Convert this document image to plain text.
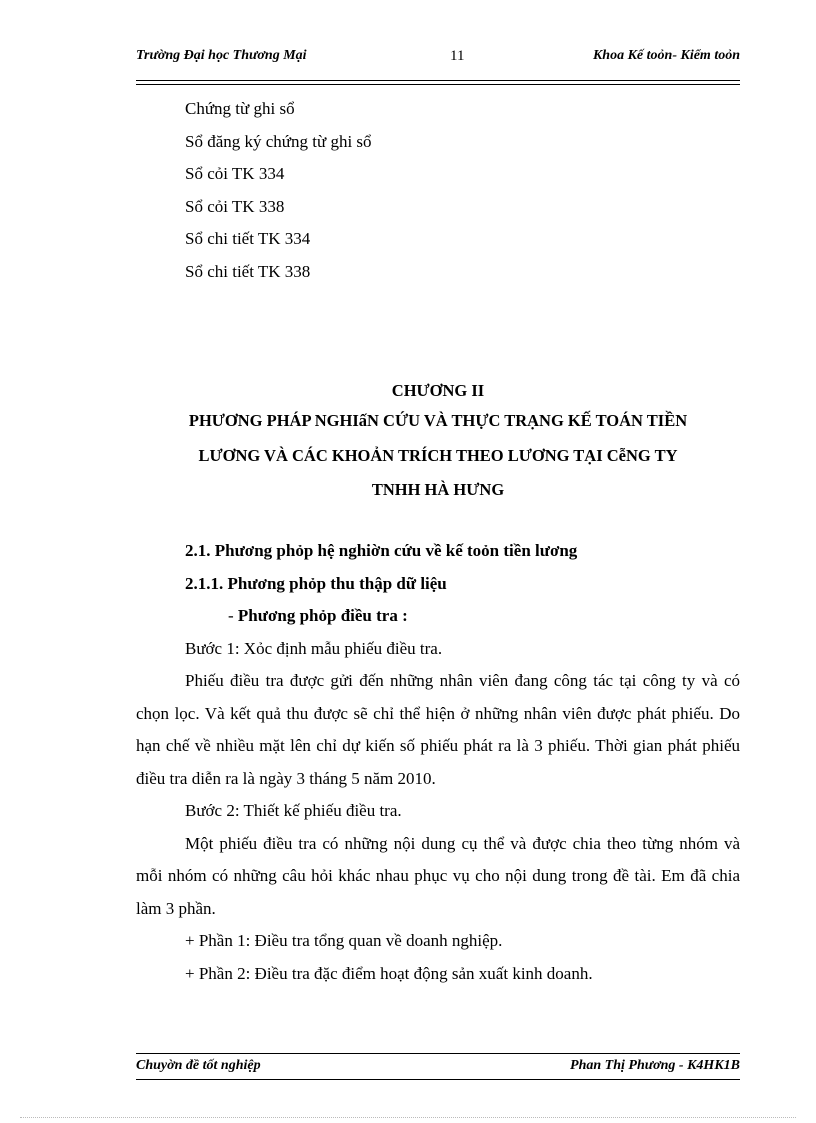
Trường Đại học Thương Mại	11	Khoa Kế toỏn- Kiểm toỏn
Chứng từ ghi sổ
Sổ đăng ký chứng từ ghi sổ
Sổ cỏi TK 334
Sổ cỏi TK 338
Sổ chi tiết TK 334
Sổ chi tiết TK 338

CHƯƠNG II

PHƯƠNG PHÁP NGHIấN CỨU VÀ THỰC TRẠNG KẾ TOÁN TIỀN

LƯƠNG VÀ CÁC KHOẢN TRÍCH THEO LƯƠNG TẠI CễNG TY

TNHH HÀ HƯNG

2.1. Phương phỏp hệ nghiờn cứu về kế toỏn tiền lương
2.1.1. Phương phỏp thu thập dữ liệu
- Phương phỏp điều tra :
Bước 1: Xỏc định mẫu phiếu điều tra.

Phiếu điều tra được gửi đến những nhân viên đang công tác tại công ty và có chọn lọc. Và kết quả thu được sẽ chỉ thể hiện ở những nhân viên được phát phiếu. Do hạn chế về nhiều mặt lên chỉ dự kiến số phiếu phát ra là 3 phiếu. Thời gian phát phiếu điều tra diễn ra là ngày 3 tháng 5 năm 2010.

Bước 2: Thiết kế phiếu điều tra.

Một phiếu điều tra có những nội dung cụ thể và được chia theo từng nhóm và mỗi nhóm có những câu hỏi khác nhau phục vụ cho nội dung trong đề tài. Em đã chia làm 3 phần.

+ Phần 1: Điều tra tổng quan về doanh nghiệp.
+ Phần 2: Điều tra đặc điểm hoạt động sản xuất kinh doanh.
Chuyờn đề tốt nghiệp	Phan Thị Phương - K4HK1B
